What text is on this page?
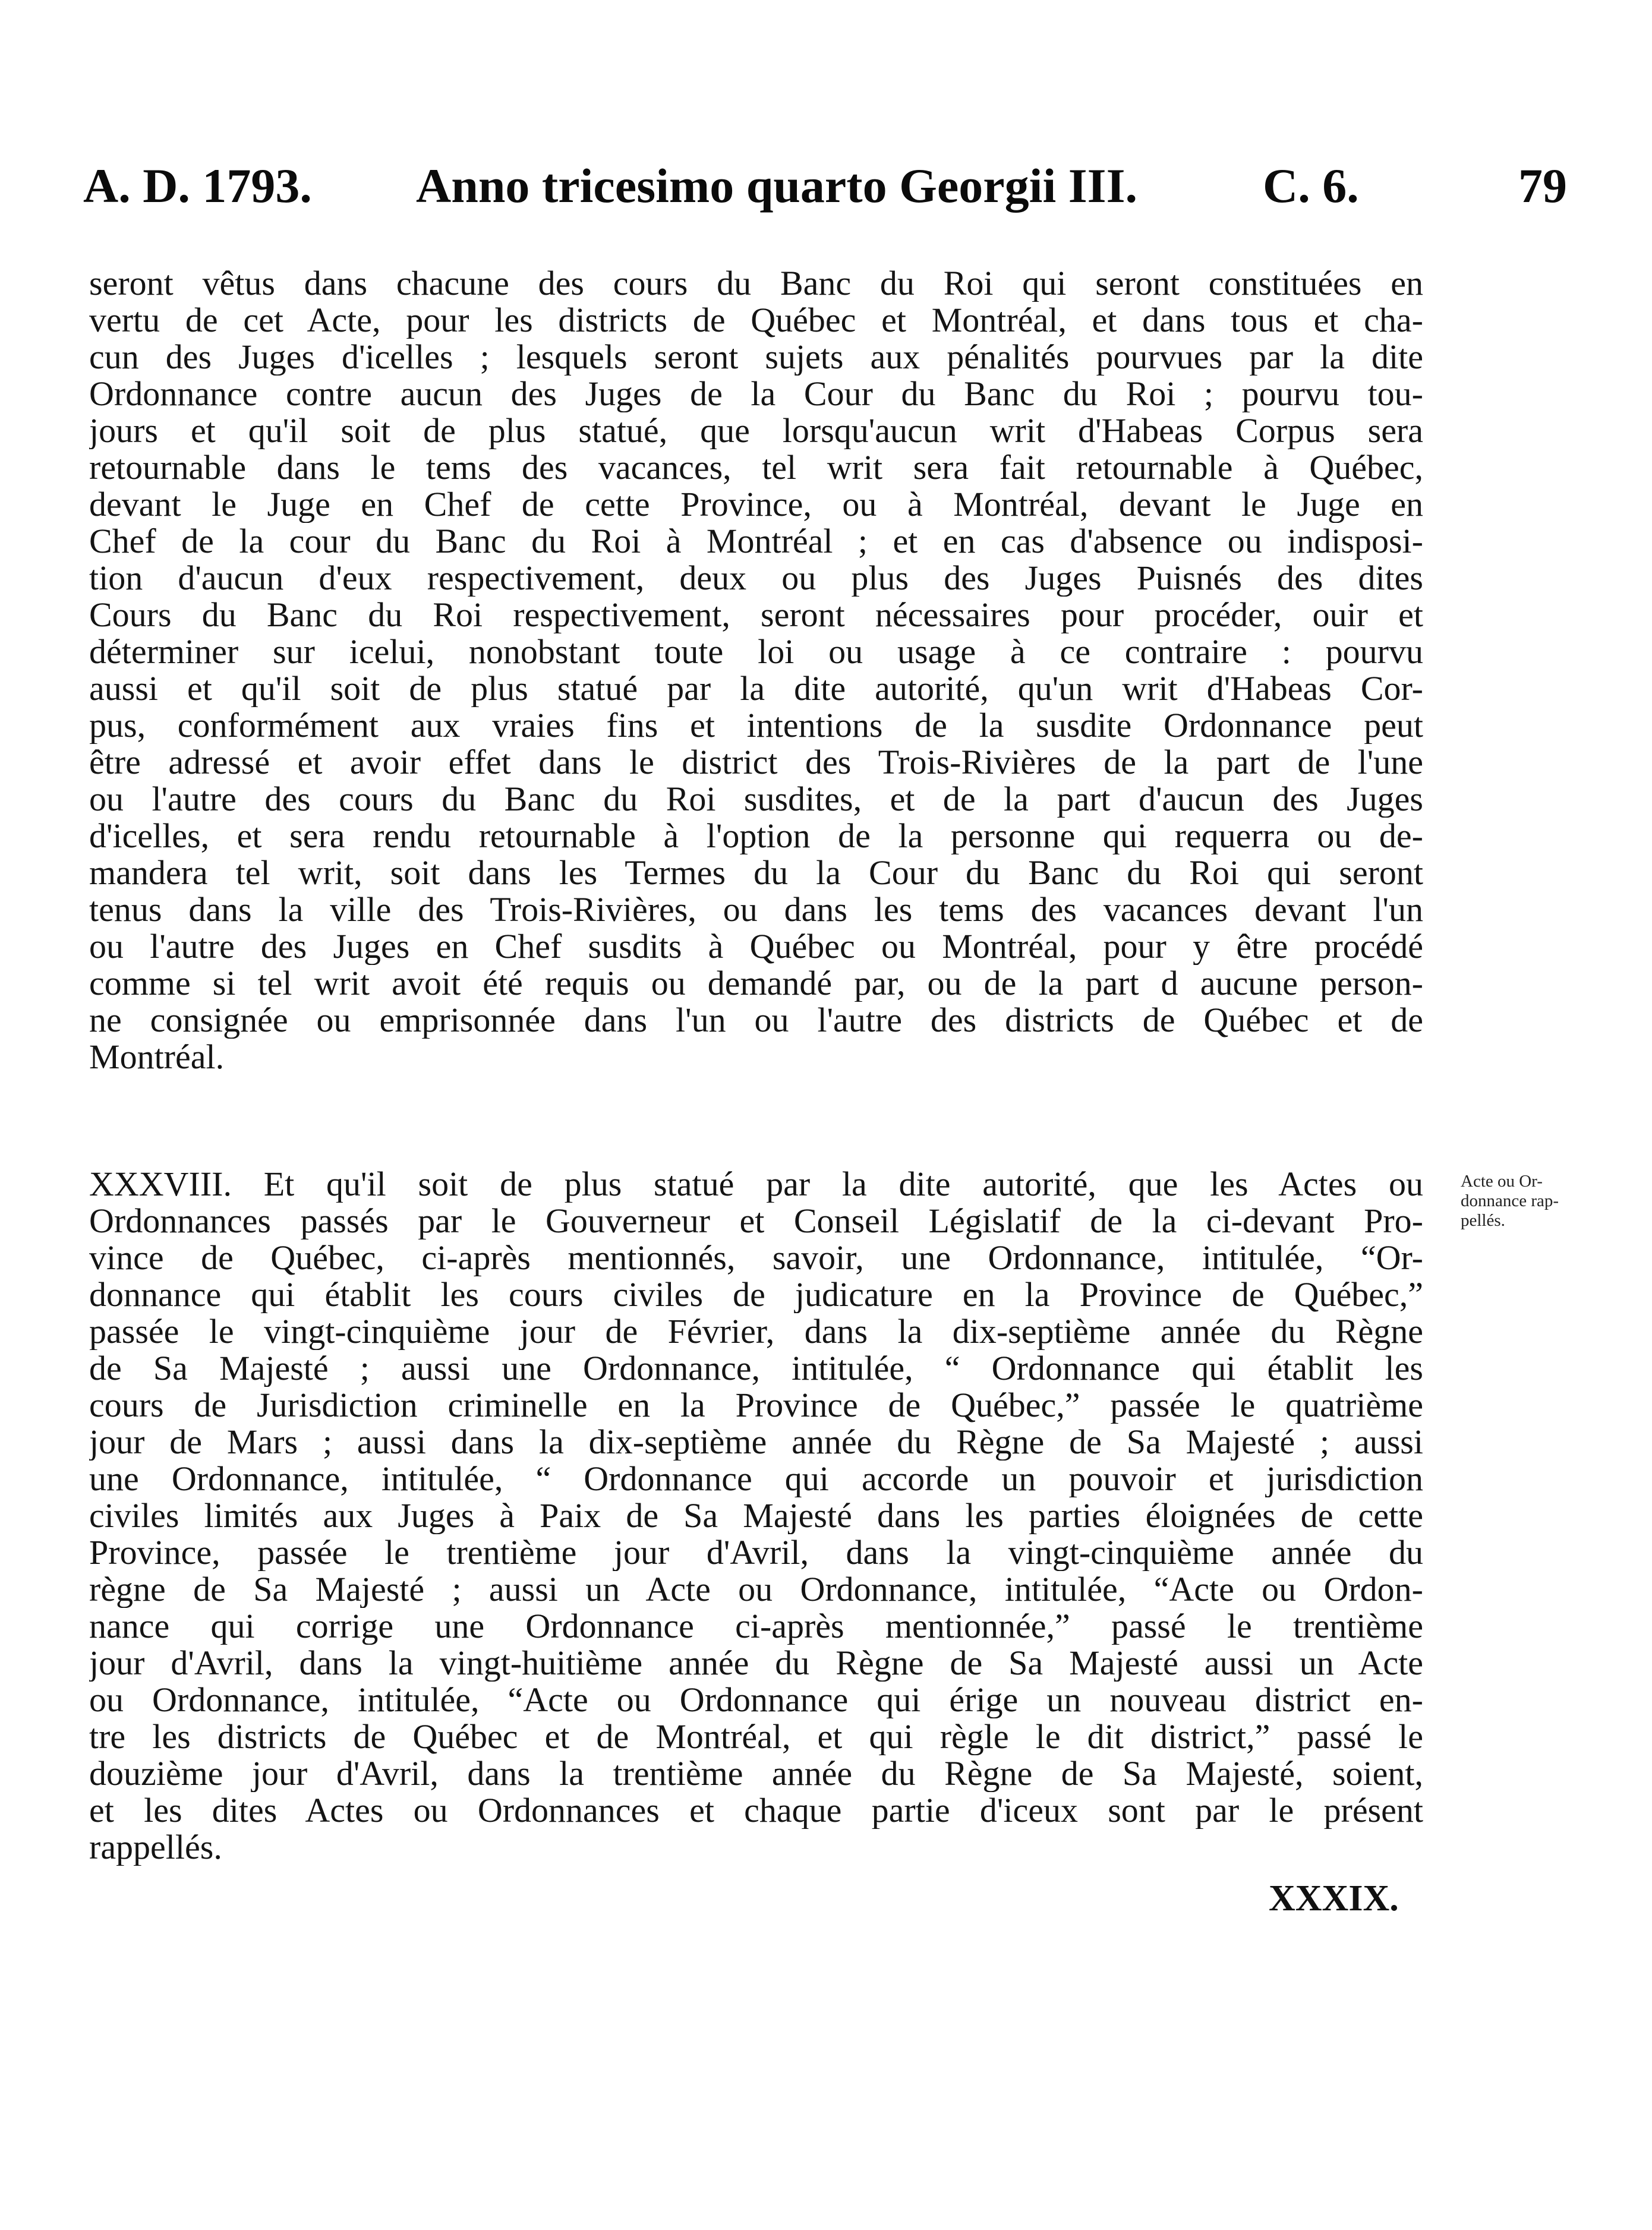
A. D. 1793. Anno tricesimo quarto Georgii III.	C. 6.	79
seront vêtus dans chacune des cours du Banc du Roi qui seront constituées en
vertu de cet Acte, pour les districts de Québec et Montréal, et dans tous et cha-
cun des Juges d'icelles ; lesquels seront sujets aux pénalités pourvues par la dite
Ordonnance contre aucun des Juges de la Cour du Banc du Roi ; pourvu tou-
jours et qu'il soit de plus statué, que lorsqu'aucun writ d'Habeas Corpus sera
retournable dans le tems des vacances, tel writ sera fait retournable à Québec,
devant le Juge en Chef de cette Province, ou à Montréal, devant le Juge en
Chef de la cour du Banc du Roi à Montréal ; et en cas d'absence ou indisposi-
tion d'aucun d'eux respectivement, deux ou plus des Juges Puisnés des dites
Cours du Banc du Roi respectivement, seront nécessaires pour procéder, ouir et
déterminer sur icelui, nonobstant toute loi ou usage à ce contraire : pourvu
aussi et qu'il soit de plus statué par la dite autorité, qu'un writ d'Habeas Cor-
pus, conformément aux vraies fins et intentions de la susdite Ordonnance peut
être adressé et avoir effet dans le district des Trois-Rivières de la part de l'une
ou l'autre des cours du Banc du Roi susdites, et de la part d'aucun des Juges
d'icelles, et sera rendu retournable à l'option de la personne qui requerra ou de-
mandera tel writ, soit dans les Termes du la Cour du Banc du Roi qui seront
tenus dans la ville des Trois-Rivières, ou dans les tems des vacances devant l'un
ou l'autre des Juges en Chef susdits à Québec ou Montréal, pour y être procédé
comme si tel writ avoit été requis ou demandé par, ou de la part d aucune person-
ne consignée ou emprisonnée dans l'un ou l'autre des districts de Québec et de
Montréal.
XXXVIII. Et qu'il soit de plus statué par la dite autorité, que les Actes ou
Ordonnances passés par le Gouverneur et Conseil Législatif de la ci-devant Pro-
vince de Québec, ci-après mentionnés, savoir, une Ordonnance, intitulée, “Or-
donnance qui établit les cours civiles de judicature en la Province de Québec,”
passée le vingt-cinquième jour de Février, dans la dix-septième année du Règne
de Sa Majesté ; aussi une Ordonnance, intitulée, “ Ordonnance qui établit les
cours de Jurisdiction criminelle en la Province de Québec,” passée le quatrième
jour de Mars ; aussi dans la dix-septième année du Règne de Sa Majesté ; aussi
une Ordonnance, intitulée, “ Ordonnance qui accorde un pouvoir et jurisdiction
civiles limités aux Juges à Paix de Sa Majesté dans les parties éloignées de cette
Province, passée le trentième jour d'Avril, dans la vingt-cinquième année du
règne de Sa Majesté ; aussi un Acte ou Ordonnance, intitulée, “Acte ou Ordon-
nance qui corrige une Ordonnance ci-après mentionnée,” passé le trentième
jour d'Avril, dans la vingt-huitième année du Règne de Sa Majesté aussi un Acte
ou Ordonnance, intitulée, “Acte ou Ordonnance qui érige un nouveau district en-
tre les districts de Québec et de Montréal, et qui règle le dit district,” passé le
douzième jour d'Avril, dans la trentième année du Règne de Sa Majesté, soient,
et les dites Actes ou Ordonnances et chaque partie d'iceux sont par le présent
rappellés.
Acte ou Or-
donnance rap-
pellés.
XXXIX.
